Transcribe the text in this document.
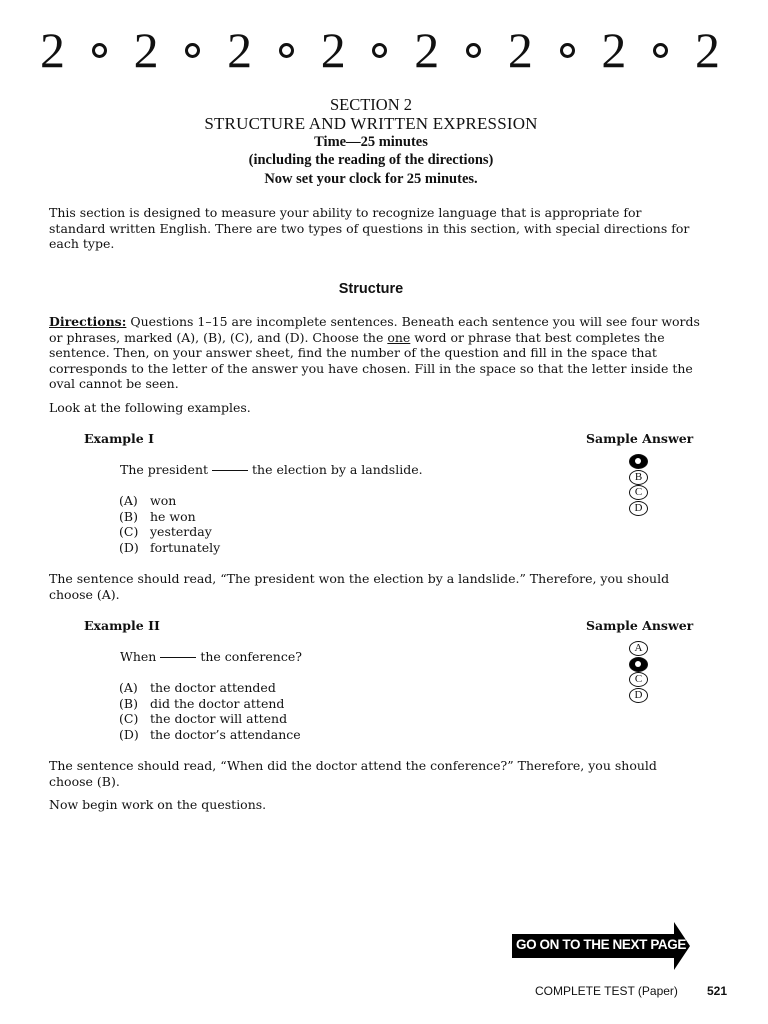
2 2 2 2 2 2 2 2
SECTION 2
STRUCTURE AND WRITTEN EXPRESSION
Time—25 minutes
(including the reading of the directions)
Now set your clock for 25 minutes.
This section is designed to measure your ability to recognize language that is appropriate for standard written English. There are two types of questions in this section, with special directions for each type.
Structure
Directions: Questions 1–15 are incomplete sentences. Beneath each sentence you will see four words or phrases, marked (A), (B), (C), and (D). Choose the one word or phrase that best completes the sentence. Then, on your answer sheet, find the number of the question and fill in the space that corresponds to the letter of the answer you have chosen. Fill in the space so that the letter inside the oval cannot be seen.
Look at the following examples.
Example I	Sample Answer
The president	the election by a landslide.
(A) won
(B) he won
(C) yesterday
(D) fortunately
B
C
D
The sentence should read, “The president won the election by a landslide.” Therefore, you should choose (A).
Example II	Sample Answer
When	the conference?
(A) the doctor attended
(B) did the doctor attend
(C) the doctor will attend
(D) the doctor’s attendance
A
C
D
The sentence should read, “When did the doctor attend the conference?” Therefore, you should choose (B).
Now begin work on the questions.
GO ON TO THE NEXT PAGE
COMPLETE TEST (Paper) 521
